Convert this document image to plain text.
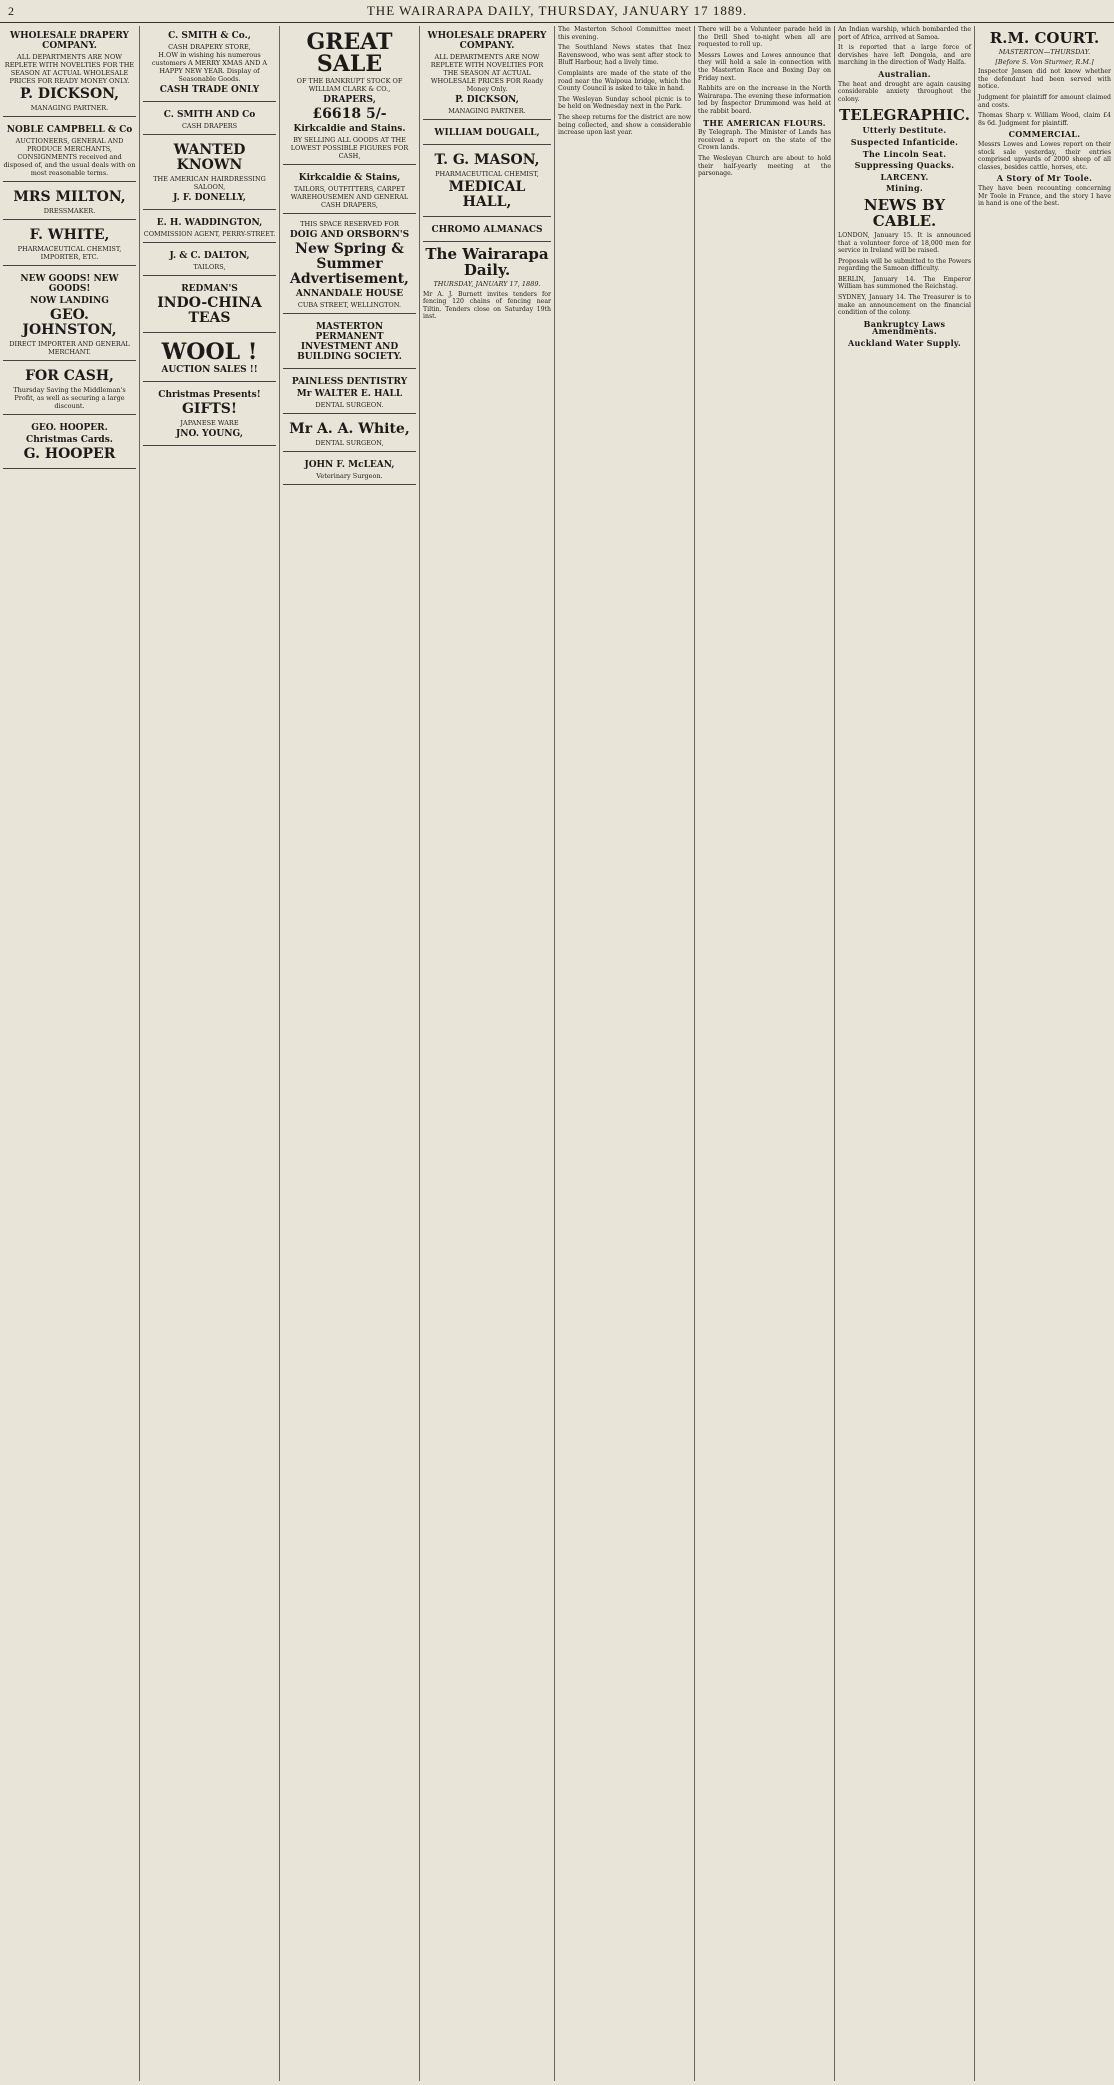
2	THE WAIRARAPA DAILY, THURSDAY, JANUARY 17 1889.
WHOLESALE DRAPERY COMPANY.
ALL DEPARTMENTS ARE NOW REPLETE WITH NOVELTIES FOR THE SEASON AT ACTUAL WHOLESALE PRICES FOR READY MONEY ONLY.
P. DICKSON,
MANAGING PARTNER.
NOBLE CAMPBELL & Co
AUCTIONEERS, GENERAL AND PRODUCE MERCHANTS,
CONSIGNMENTS received and disposed of, and the usual deals with on most reasonable terms.
MRS MILTON,
DRESSMAKER.
F. WHITE,
PHARMACEUTICAL CHEMIST, IMPORTER, ETC.
NEW GOODS! NEW GOODS!
NOW LANDING
GEO. JOHNSTON,
DIRECT IMPORTER AND GENERAL MERCHANT.
FOR CASH,
Thursday Saving the Middleman's Profit, as well as securing a large discount.
GEO. HOOPER.
Christmas Cards.
G. HOOPER
C. SMITH & Co.,
CASH DRAPERY STORE,
H.OW in wishing his numerous customers A MERRY XMAS AND A HAPPY NEW YEAR. Display of Seasonable Goods.
CASH TRADE ONLY
C. SMITH AND Co
CASH DRAPERS
WANTED KNOWN
THE AMERICAN HAIRDRESSING SALOON,
J. F. DONELLY,
E. H. WADDINGTON,
COMMISSION AGENT, PERRY-STREET.
J. & C. DALTON,
TAILORS,
REDMAN'S
INDO-CHINA TEAS
WOOL !
AUCTION SALES !!
Christmas Presents!
GIFTS!
JAPANESE WARE
JNO. YOUNG,
GREAT SALE
OF THE BANKRUPT STOCK OF WILLIAM CLARK & CO.,
DRAPERS,
£6618 5/-
Kirkcaldie and Stains.
BY SELLING ALL GOODS AT THE LOWEST POSSIBLE FIGURES FOR CASH,
Kirkcaldie & Stains,
TAILORS, OUTFITTERS, CARPET WAREHOUSEMEN AND GENERAL CASH DRAPERS,
THIS SPACE RESERVED FOR
DOIG AND ORSBORN'S
New Spring & Summer Advertisement,
ANNANDALE HOUSE
CUBA STREET, WELLINGTON.
MASTERTON PERMANENT INVESTMENT AND BUILDING SOCIETY.
PAINLESS DENTISTRY
Mr WALTER E. HALL
DENTAL SURGEON.
Mr A. A. White,
DENTAL SURGEON,
JOHN F. McLEAN,
Veterinary Surgeon.
WHOLESALE DRAPERY COMPANY.
ALL DEPARTMENTS ARE NOW REPLETE WITH NOVELTIES FOR THE SEASON AT ACTUAL WHOLESALE PRICES FOR Ready Money Only.
P. DICKSON,
MANAGING PARTNER.
WILLIAM DOUGALL,
T. G. MASON,
PHARMACEUTICAL CHEMIST,
MEDICAL HALL,
CHROMO ALMANACS
The Wairarapa Daily.
THURSDAY, JANUARY 17, 1889.

Mr A. J. Burnett invites tenders for fencing 120 chains of fencing near Tiltin. Tenders close on Saturday 19th inst.

The Masterton School Committee meet this evening.

The Southland News states that Inez Ravenswood, who was sent after stock to Bluff Harbour, had a lively time.

Complaints are made of the state of the road near the Waipoua bridge, which the County Council is asked to take in hand.

The Wesleyan Sunday school picnic is to be held on Wednesday next in the Park.

The sheep returns for the district are now being collected, and show a considerable increase upon last year.

There will be a Volunteer parade held in the Drill Shed to-night when all are requested to roll up.

Messrs Lowes and Lowes announce that they will hold a sale in connection with the Masterton Race and Boxing Day on Friday next.

Rabbits are on the increase in the North Wairarapa. The evening these information led by Inspector Drummond was held at the rabbit board.

THE AMERICAN FLOURS.

By Telegraph. The Minister of Lands has received a report on the state of the Crown lands.

The Wesleyan Church are about to hold their half-yearly meeting at the parsonage.

An Indian warship, which bombarded the port of Africa, arrived at Samoa.

It is reported that a large force of dervishes have left Dongola, and are marching in the direction of Wady Halfa.

Australian.

The heat and drought are again causing considerable anxiety throughout the colony.

TELEGRAPHIC.
Utterly Destitute.
Suspected Infanticide.
The Lincoln Seat.
Suppressing Quacks.
LARCENY.
Mining.
NEWS BY CABLE.

LONDON, January 15. It is announced that a volunteer force of 18,000 men for service in Ireland will be raised.

Proposals will be submitted to the Powers regarding the Samoan difficulty.

BERLIN, January 14. The Emperor William has summoned the Reichstag.

SYDNEY, January 14. The Treasurer is to make an announcement on the financial condition of the colony.

Bankruptcy Laws Amendments.
Auckland Water Supply.
R.M. COURT.
MASTERTON—THURSDAY.
[Before S. Von Sturmer, R.M.]

Inspector Jensen did not know whether the defendant had been served with notice.

Judgment for plaintiff for amount claimed and costs.

Thomas Sharp v. William Wood, claim £4 8s 6d. Judgment for plaintiff.

COMMERCIAL.

Messrs Lowes and Lowes report on their stock sale yesterday, their entries comprised upwards of 2000 sheep of all classes, besides cattle, horses, etc.

A Story of Mr Toole.

They have been recounting concerning Mr Toole in France, and the story I have in hand is one of the best.
